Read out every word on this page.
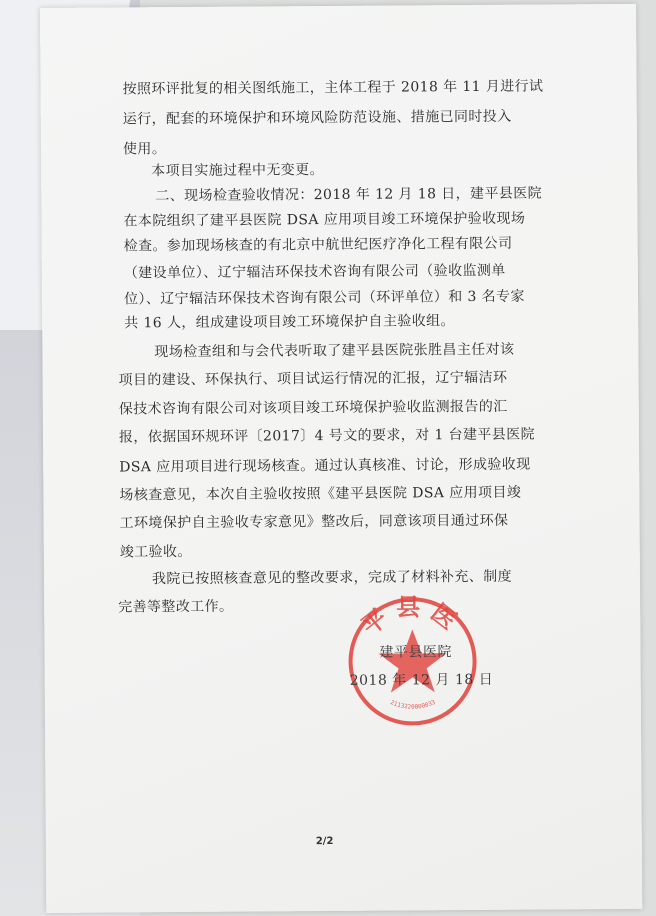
按照环评批复的相关图纸施工，主体工程于 2018 年 11 月进行试
运行，配套的环境保护和环境风险防范设施、措施已同时投入
使用。
本项目实施过程中无变更。
二、现场检查验收情况：2018 年 12 月 18 日，建平县医院
在本院组织了建平县医院 DSA 应用项目竣工环境保护验收现场
检查。参加现场核查的有北京中航世纪医疗净化工程有限公司
（建设单位）、辽宁辐洁环保技术咨询有限公司（验收监测单
位）、辽宁辐洁环保技术咨询有限公司（环评单位）和 3 名专家
共 16 人，组成建设项目竣工环境保护自主验收组。
现场检查组和与会代表听取了建平县医院张胜昌主任对该
项目的建设、环保执行、项目试运行情况的汇报，辽宁辐洁环
保技术咨询有限公司对该项目竣工环境保护验收监测报告的汇
报，依据国环规环评〔2017〕4 号文的要求，对 1 台建平县医院
DSA 应用项目进行现场核查。通过认真核准、讨论，形成验收现
场核查意见，本次自主验收按照《建平县医院 DSA 应用项目竣
工环境保护自主验收专家意见》整改后，同意该项目通过环保
竣工验收。
我院已按照核查意见的整改要求，完成了材料补充、制度
完善等整改工作。	平县医
2113220000033
建平县医院
2018 年 12 月 18 日
2/2
